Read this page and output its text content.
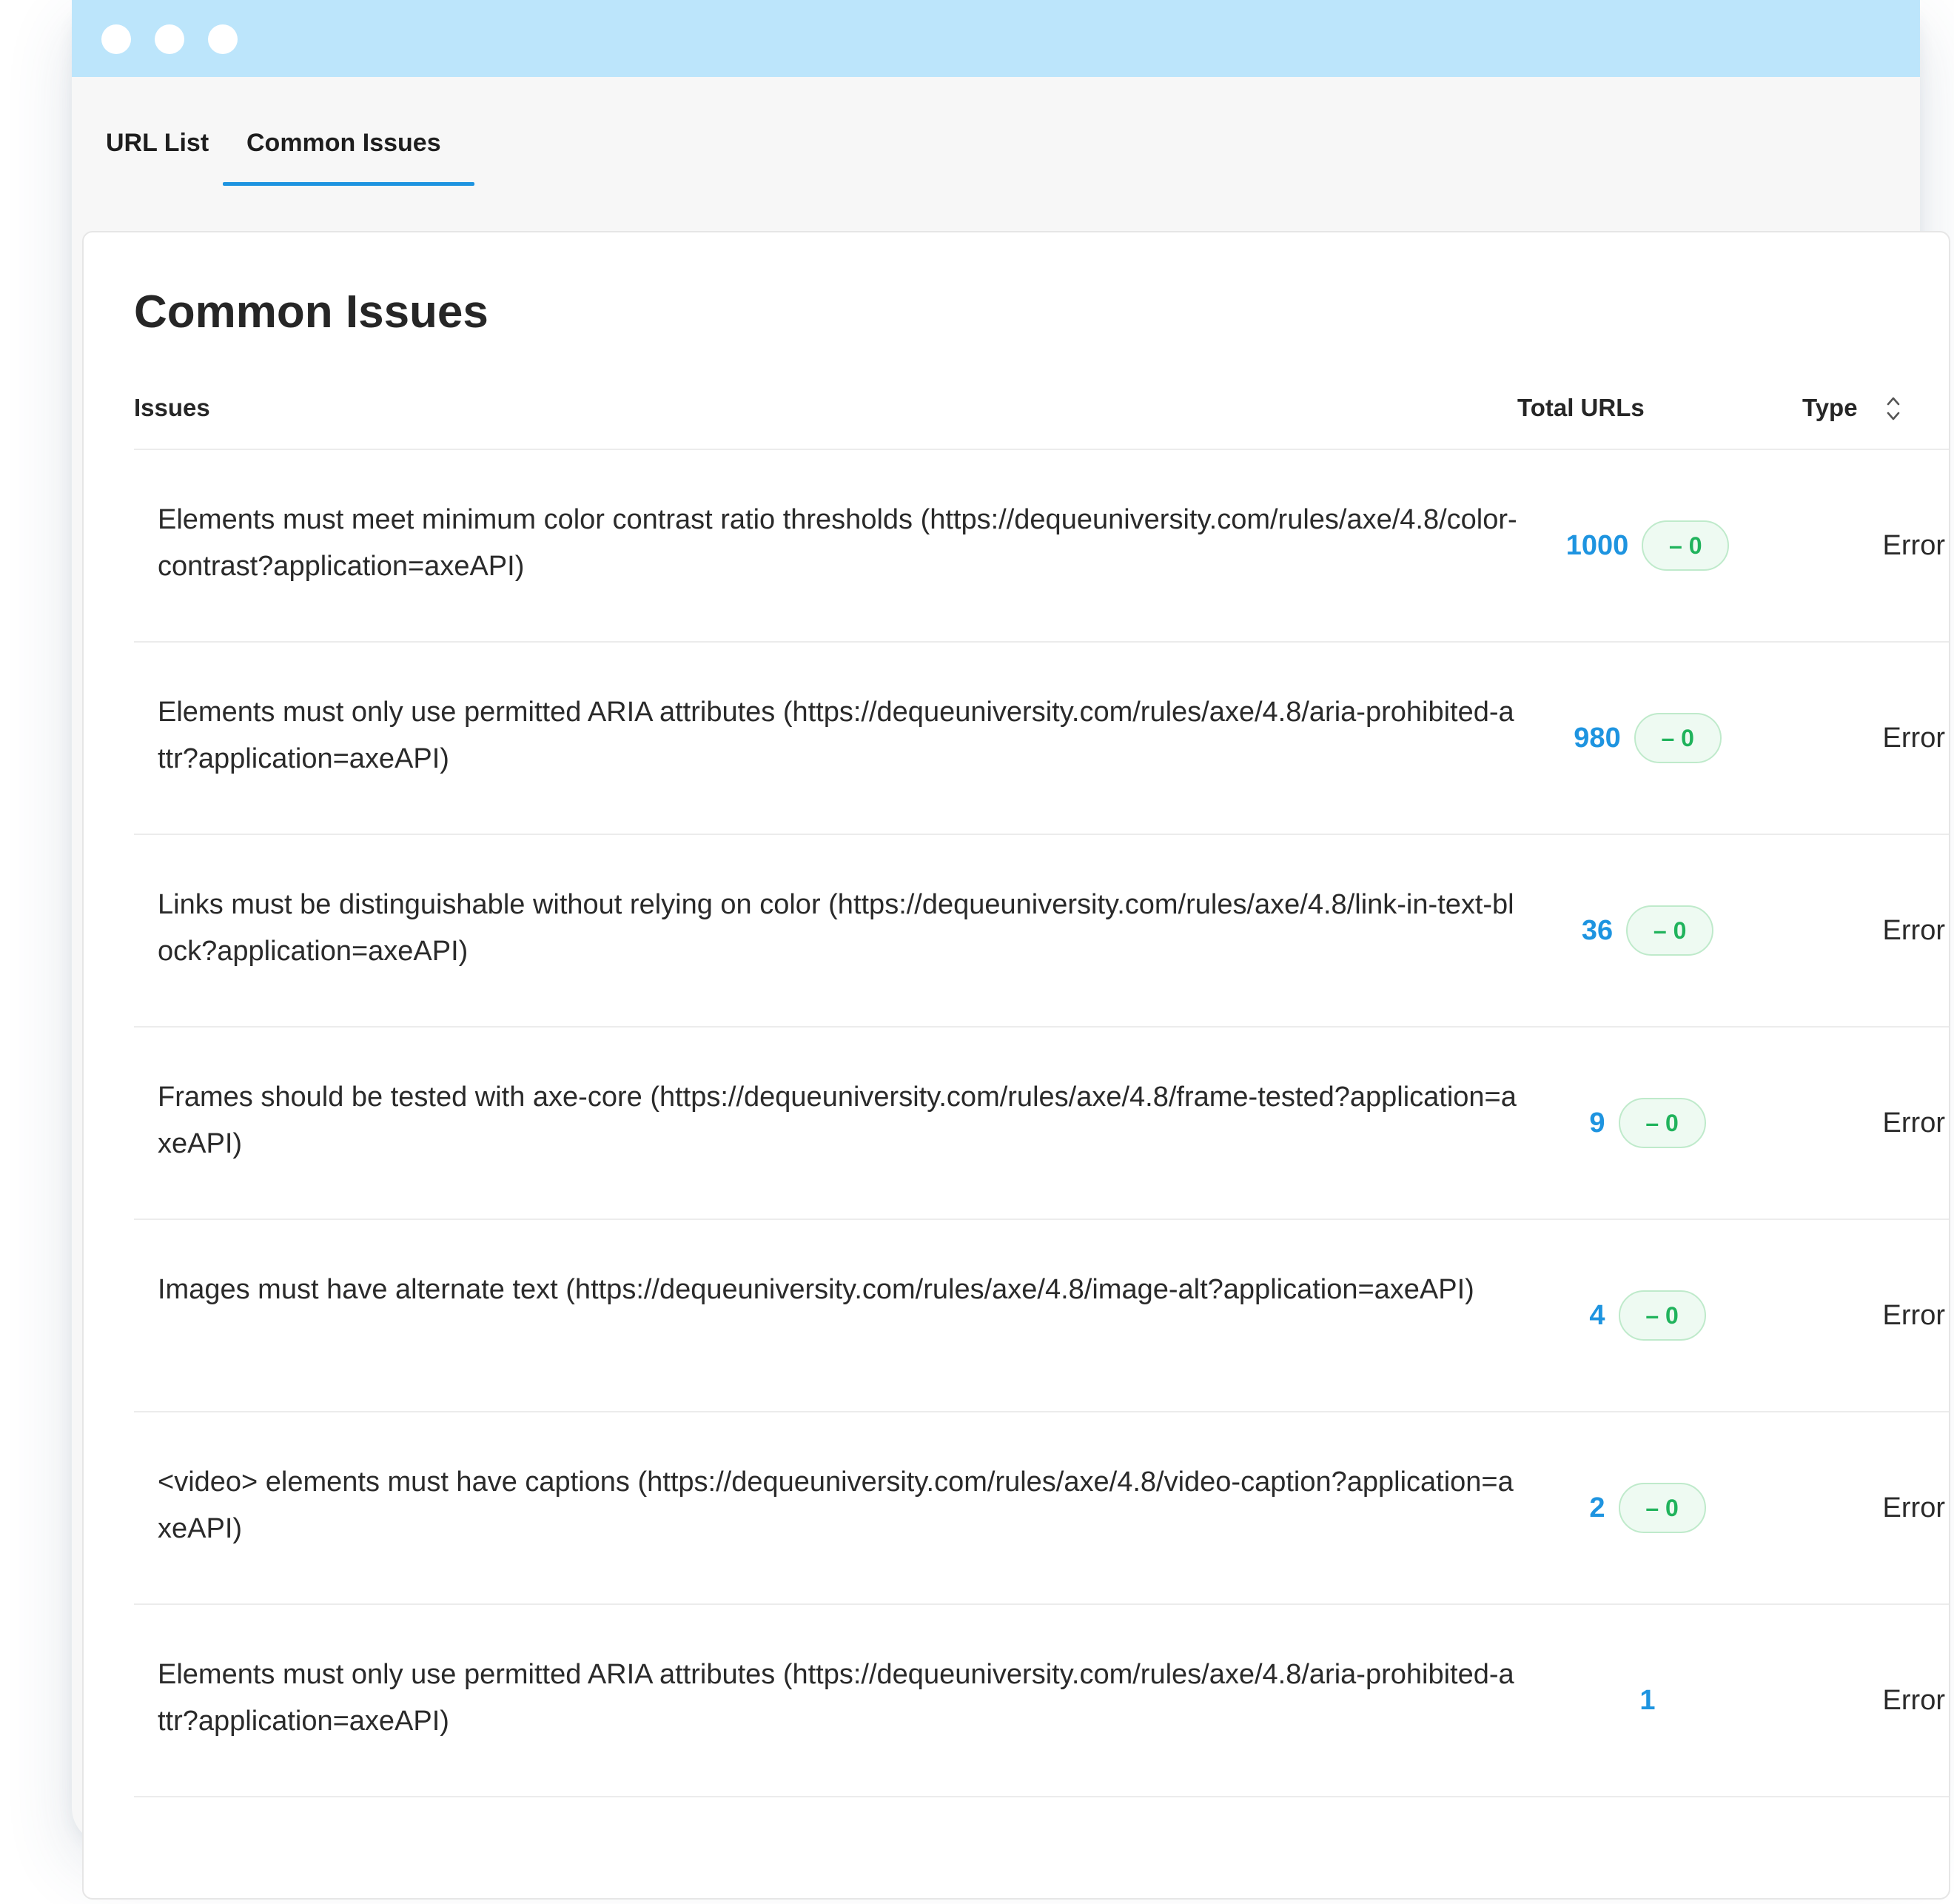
URL List Common Issues
Common Issues
Issues	Total URLs	Type
Elements must meet minimum color contrast ratio thresholds (https://dequeuniversity.com/rules/axe/4.8/color-contrast?application=axeAPI)
1000	– 0	Error
Elements must only use permitted ARIA attributes (https://dequeuniversity.com/rules/axe/4.8/aria-prohibited-attr?application=axeAPI)
980	– 0	Error
Links must be distinguishable without relying on color (https://dequeuniversity.com/rules/axe/4.8/link-in-text-block?application=axeAPI)
36	– 0	Error
Frames should be tested with axe-core (https://dequeuniversity.com/rules/axe/4.8/frame-tested?application=axeAPI)
9	– 0	Error
Images must have alternate text (https://dequeuniversity.com/rules/axe/4.8/image-alt?application=axeAPI)
4	– 0	Error
<video> elements must have captions (https://dequeuniversity.com/rules/axe/4.8/video-caption?application=axeAPI)
2	– 0	Error
Elements must only use permitted ARIA attributes (https://dequeuniversity.com/rules/axe/4.8/aria-prohibited-attr?application=axeAPI)
1	Error
